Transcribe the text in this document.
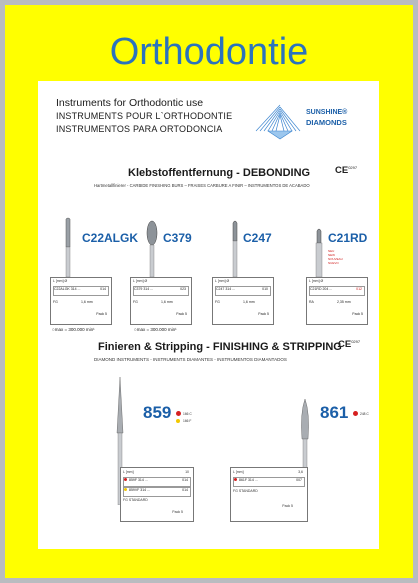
Orthodontie
Instruments for Orthodontic use
INSTRUMENTS POUR L`ORTHODONTIE
INSTRUMENTOS PARA ORTODONCIA
SUNSHINE®
DIAMONDS
Klebstoffentfernung - DEBONDING	$CE^{0297}$
Hartmetallfinierer - CARBIDE FINISHING BURS – FRAISES CARBURE A FINIR – INSTRUMENTOS DE ACABADO
C22ALGK
L [mm] Ø
C22ALGK 314 ...	014
FG	1,6 mm
Pack 5
C379
L [mm] Ø
C379 314 ...	023
FG	1,6 mm
Pack 5
C247
L [mm] Ø
C247 314 ...	010
FG	1,6 mm
Pack 5
C21RD
NEU
NEW
NOUVEAU
NUEVO
L [mm] Ø
C21RD 204 ...	012
RA	2,35 mm
Pack 5
○max = 300.000 min¹	○max = 300.000 min¹
Finieren & Stripping - FINISHING & STRIPPING
$CE^{0297}$
DIAMOND INSTRUMENTS - INSTRUMENTS DIAMANTES - INSTRUMENTOS DIAMANTADOS
859	166 C
166 F
L [mm]	10
859F 314 ...	014
859VF 314 ...	014
FG STANDARD
Pack 5
861	248 C
L [mm]	3,6
861F 314 ...	007
FG STANDARD
Pack 5
